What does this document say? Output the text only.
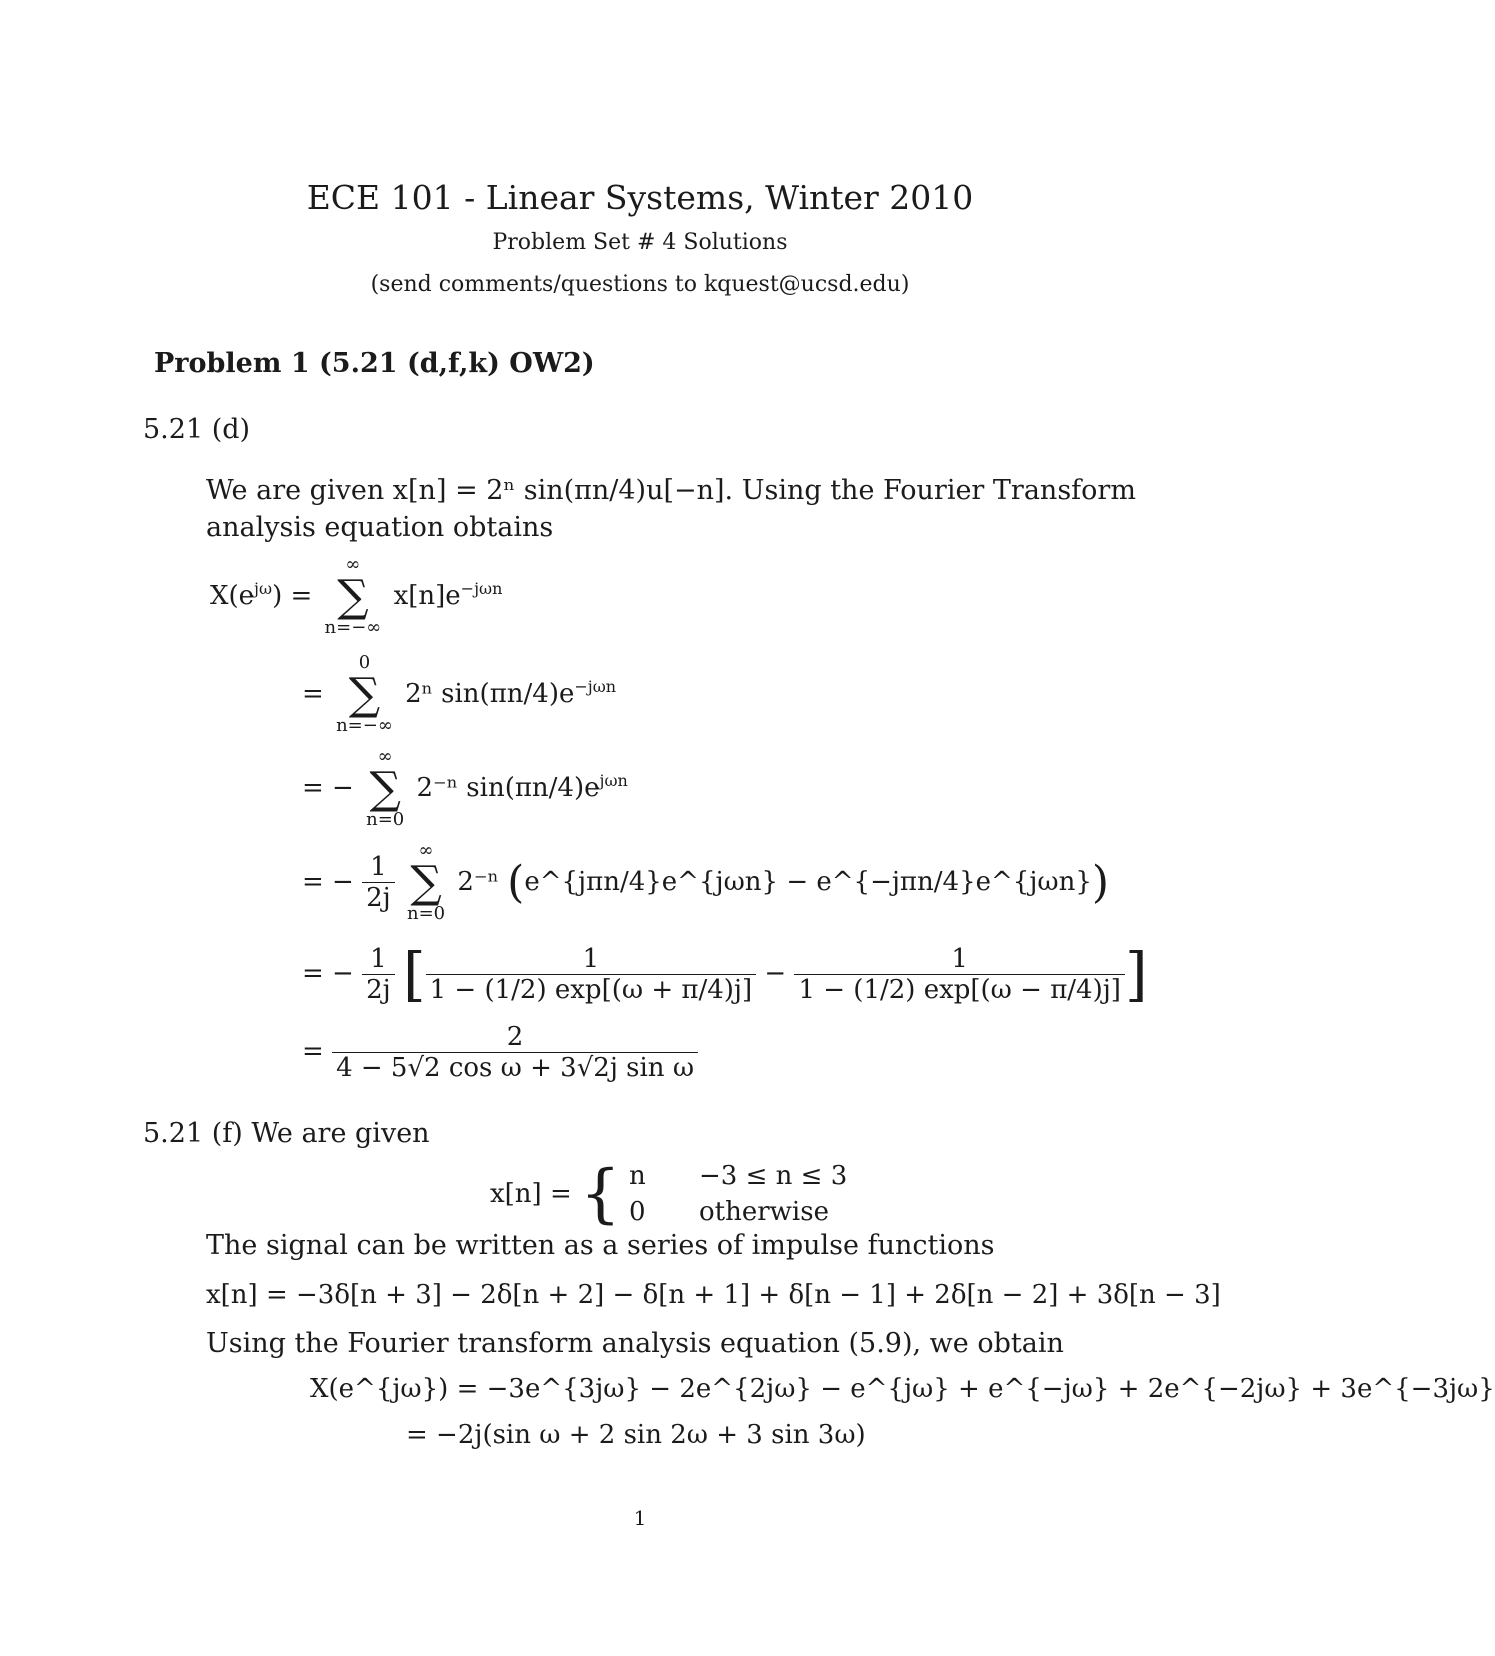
ECE 101 - Linear Systems, Winter 2010
Problem Set # 4 Solutions
(send comments/questions to kquest@ucsd.edu)
Problem 1 (5.21 (d,f,k) OW2)
5.21 (d)
We are given x[n] = 2ⁿ sin(πn/4)u[−n]. Using the Fourier Transform
analysis equation obtains
$X(e^{j\omega})$ =
∞
∑
n=−∞
$x[n]e^{-j\omega n}$
=
0
∑
n=−∞
2ⁿ $\sin(\pi n/4)e^{-j\omega n}$
= −
∞
∑
n=0
2⁻ⁿ $\sin(\pi n/4)e^{j\omega n}$
= − $\frac{1}{2j}$

∞
∑
n=0
2⁻ⁿ (e^{jπn/4}e^{jωn} − e^{−jπn/4}e^{jωn})
= − $\frac{1}{2j}$ [ $\frac{1}{1 - (1/2) \exp[(\omega + \pi/4)j]} - \frac{1}{1 - (1/2) \exp[(\omega - \pi/4)j]}$ ]
= $\frac{2}{\text{4 − 5√2 cos ω + 3√2j sin ω}}$
5.21 (f) We are given
x[n] = { n −3 ≤ n ≤ 3
0 otherwise
The signal can be written as a series of impulse functions
x[n] = −3δ[n + 3] − 2δ[n + 2] − δ[n + 1] + δ[n − 1] + 2δ[n − 2] + 3δ[n − 3]
Using the Fourier transform analysis equation (5.9), we obtain
X(e^{jω}) = −3e^{3jω} − 2e^{2jω} − e^{jω} + e^{−jω} + 2e^{−2jω} + 3e^{−3jω}
= −2j(sin ω + 2 sin 2ω + 3 sin 3ω)
1
